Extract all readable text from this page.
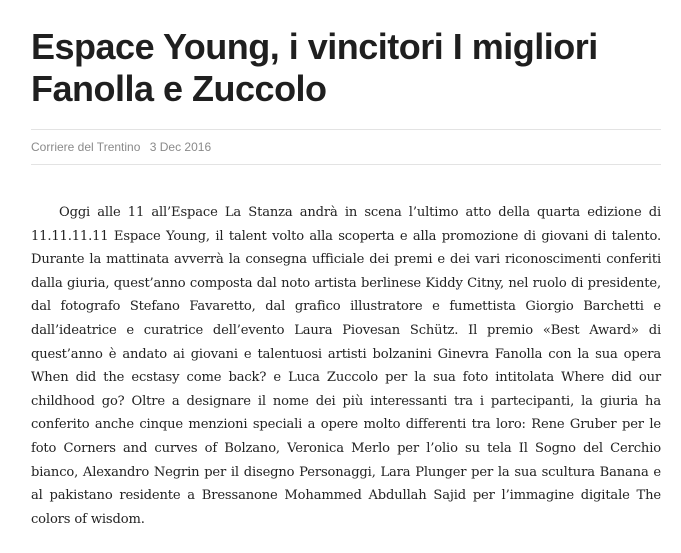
Espace Young, i vincitori I migliori Fanolla e Zuccolo
Corriere del Trentino 3 Dec 2016

Oggi alle 11 all’Espace La Stanza andrà in scena l’ultimo atto della quarta edizione di 11.11.11.11 Espace Young, il talent volto alla scoperta e alla promozione di giovani di talento. Durante la mattinata avverrà la consegna ufficiale dei premi e dei vari riconoscimenti conferiti dalla giuria, quest’anno composta dal noto artista berlinese Kiddy Citny, nel ruolo di presidente, dal fotografo Stefano Favaretto, dal grafico illustratore e fumettista Giorgio Barchetti e dall’ideatrice e curatrice dell’evento Laura Piovesan Schütz. Il premio «Best Award» di quest’anno è andato ai giovani e talentuosi artisti bolzanini Ginevra Fanolla con la sua opera When did the ecstasy come back? e Luca Zuccolo per la sua foto intitolata Where did our childhood go? Oltre a designare il nome dei più interessanti tra i partecipanti, la giuria ha conferito anche cinque menzioni speciali a opere molto differenti tra loro: Rene Gruber per le foto Corners and curves of Bolzano, Veronica Merlo per l’olio su tela Il Sogno del Cerchio bianco, Alexandro Negrin per il disegno Personaggi, Lara Plunger per la sua scultura Banana e al pakistano residente a Bressanone Mohammed Abdullah Sajid per l’immagine digitale The colors of wisdom.
